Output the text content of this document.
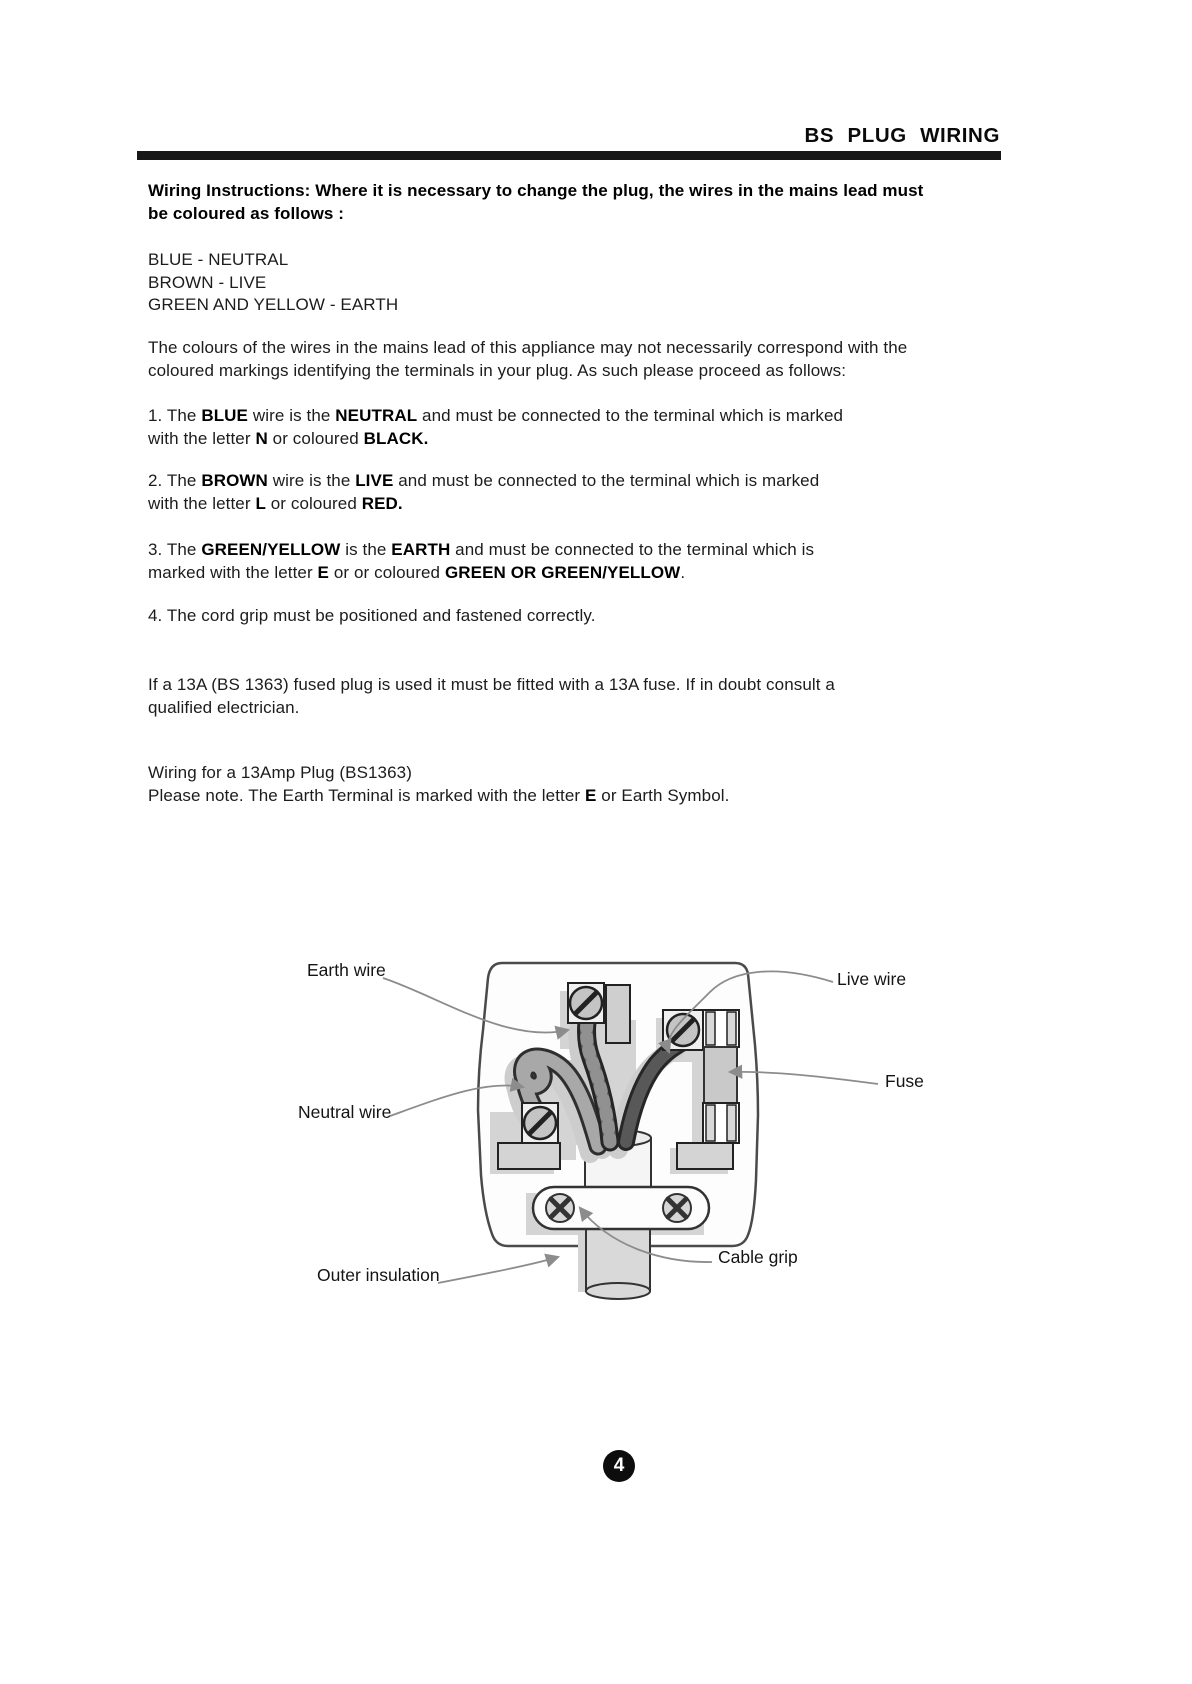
BS PLUG WIRING
Wiring Instructions: Where it is necessary to change the plug, the wires in the mains lead must
be coloured as follows :
BLUE - NEUTRAL
BROWN - LIVE
GREEN AND YELLOW - EARTH
The colours of the wires in the mains lead of this appliance may not necessarily correspond with the
coloured markings identifying the terminals in your plug. As such please proceed as follows:
1. The BLUE wire is the NEUTRAL and must be connected to the terminal which is marked
with the letter N or coloured BLACK.
2. The BROWN wire is the LIVE and must be connected to the terminal which is marked
with the letter L or coloured RED.
3. The GREEN/YELLOW is the EARTH and must be connected to the terminal which is
marked with the letter E or or coloured GREEN OR GREEN/YELLOW.
4. The cord grip must be positioned and fastened correctly.
If a 13A (BS 1363) fused plug is used it must be fitted with a 13A fuse. If in doubt consult a
qualified electrician.
Wiring for a 13Amp Plug (BS1363)
Please note. The Earth Terminal is marked with the letter E or Earth Symbol.
Earth wire	Live wire
Fuse
Neutral wire
Cable grip
Outer insulation
4
